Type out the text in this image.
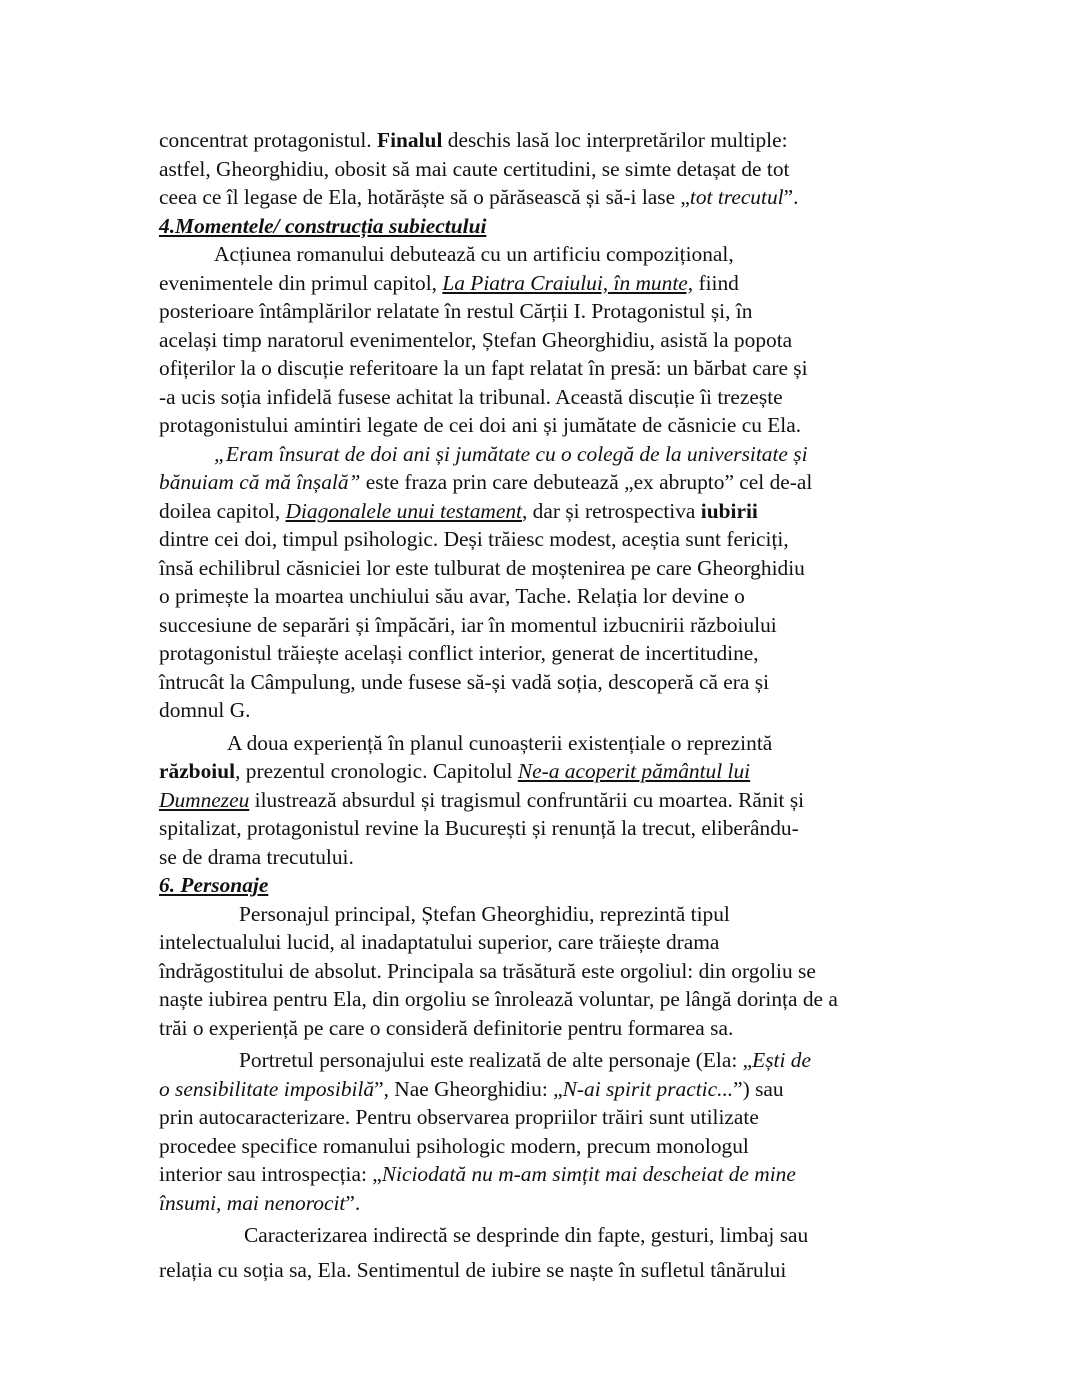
concentrat protagonistul. Finalul deschis lasă loc interpretărilor multiple:
astfel, Gheorghidiu, obosit să mai caute certitudini, se simte detașat de tot
ceea ce îl legase de Ela, hotărăște să o părăsească și să-i lase „tot trecutul”.
4.Momentele/ construcția subiectului
Acțiunea romanului debutează cu un artificiu compozițional,
evenimentele din primul capitol, La Piatra Craiului, în munte, fiind
posterioare întâmplărilor relatate în restul Cărții I. Protagonistul și, în
același timp naratorul evenimentelor, Ștefan Gheorghidiu, asistă la popota
ofițerilor la o discuție referitoare la un fapt relatat în presă: un bărbat care și
-a ucis soția infidelă fusese achitat la tribunal. Această discuție îi trezește
protagonistului amintiri legate de cei doi ani și jumătate de căsnicie cu Ela.
„Eram însurat de doi ani și jumătate cu o colegă de la universitate și
bănuiam că mă înșală” este fraza prin care debutează „ex abrupto” cel de-al
doilea capitol, Diagonalele unui testament, dar și retrospectiva iubirii
dintre cei doi, timpul psihologic. Deși trăiesc modest, aceștia sunt fericiți,
însă echilibrul căsniciei lor este tulburat de moștenirea pe care Gheorghidiu
o primește la moartea unchiului său avar, Tache. Relația lor devine o
succesiune de separări și împăcări, iar în momentul izbucnirii războiului
protagonistul trăiește același conflict interior, generat de incertitudine,
întrucât la Câmpulung, unde fusese să-și vadă soția, descoperă că era și
domnul G.
A doua experiență în planul cunoașterii existențiale o reprezintă
războiul, prezentul cronologic. Capitolul Ne-a acoperit pământul lui
Dumnezeu ilustrează absurdul și tragismul confruntării cu moartea. Rănit și
spitalizat, protagonistul revine la București și renunță la trecut, eliberându-
se de drama trecutului.
6. Personaje
Personajul principal, Ștefan Gheorghidiu, reprezintă tipul
intelectualului lucid, al inadaptatului superior, care trăiește drama
îndrăgostitului de absolut. Principala sa trăsătură este orgoliul: din orgoliu se
naște iubirea pentru Ela, din orgoliu se înrolează voluntar, pe lângă dorința de a
trăi o experiență pe care o consideră definitorie pentru formarea sa.
Portretul personajului este realizată de alte personaje (Ela: „Ești de
o sensibilitate imposibilă”, Nae Gheorghidiu: „N-ai spirit practic...”) sau
prin autocaracterizare. Pentru observarea propriilor trăiri sunt utilizate
procedee specifice romanului psihologic modern, precum monologul
interior sau introspecția: „Niciodată nu m-am simțit mai descheiat de mine
însumi, mai nenorocit”.
Caracterizarea indirectă se desprinde din fapte, gesturi, limbaj sau
relația cu soția sa, Ela. Sentimentul de iubire se naște în sufletul tânărului
